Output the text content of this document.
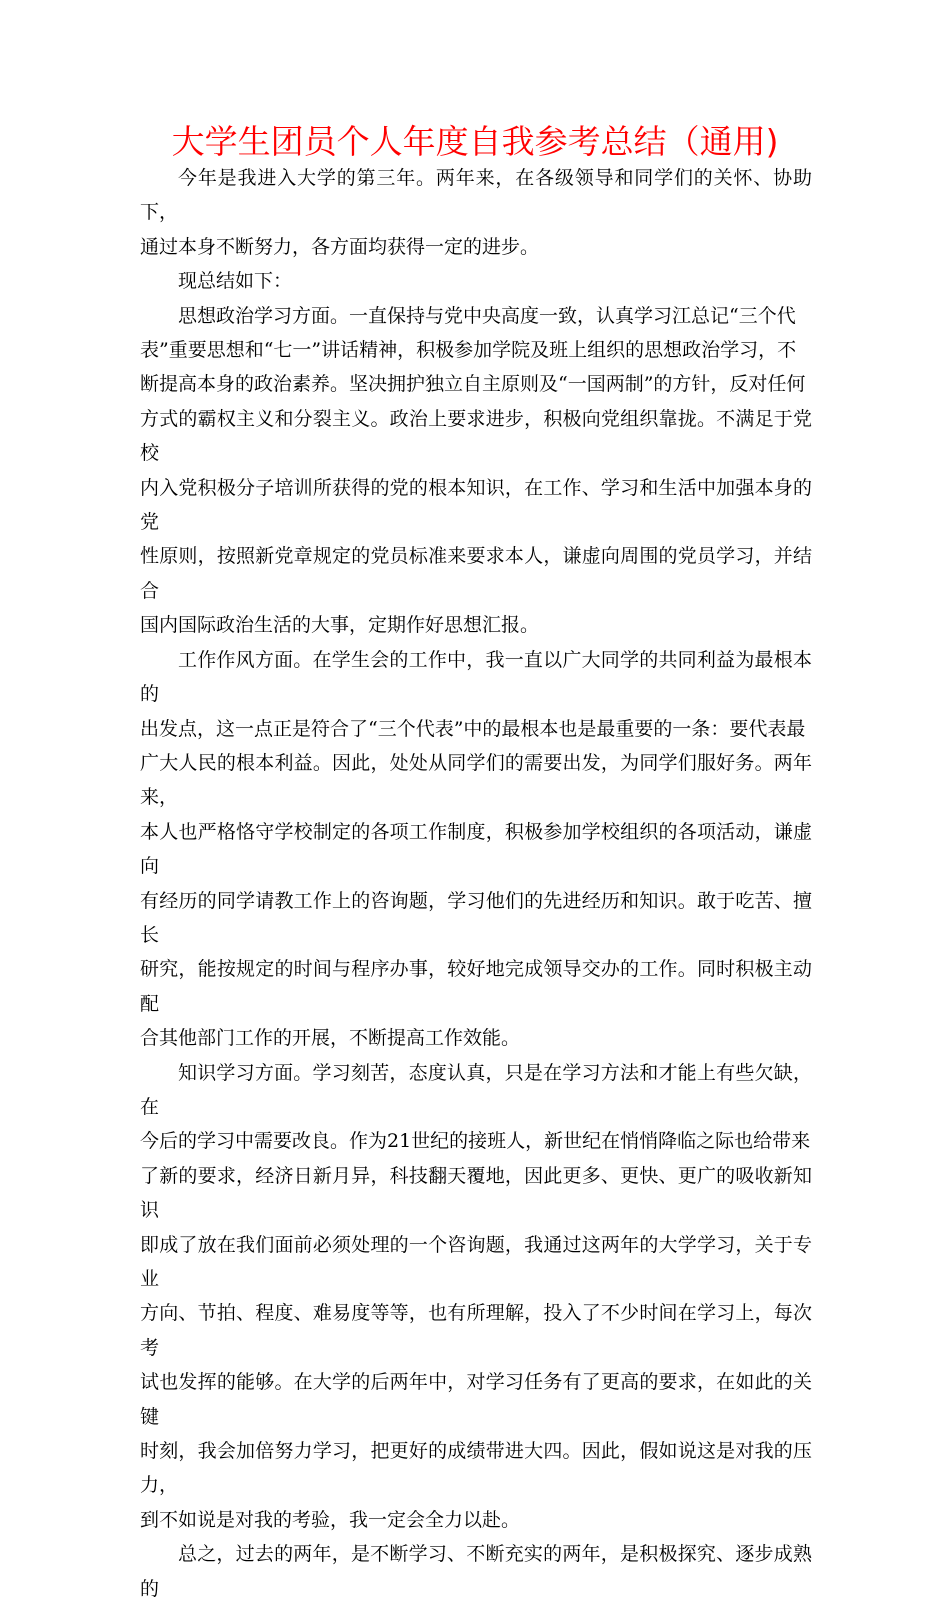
大学生团员个人年度自我参考总结（通用)

今年是我进入大学的第三年。两年来，在各级领导和同学们的关怀、协助下，
通过本身不断努力，各方面均获得一定的进步。

现总结如下：

思想政治学习方面。一直保持与党中央高度一致，认真学习江总记“三个代
表”重要思想和“七一”讲话精神，积极参加学院及班上组织的思想政治学习，不
断提高本身的政治素养。坚决拥护独立自主原则及“一国两制”的方针，反对任何
方式的霸权主义和分裂主义。政治上要求进步，积极向党组织靠拢。不满足于党校
内入党积极分子培训所获得的党的根本知识，在工作、学习和生活中加强本身的党
性原则，按照新党章规定的党员标准来要求本人，谦虚向周围的党员学习，并结合
国内国际政治生活的大事，定期作好思想汇报。

工作作风方面。在学生会的工作中，我一直以广大同学的共同利益为最根本的
出发点，这一点正是符合了“三个代表”中的最根本也是最重要的一条：要代表最
广大人民的根本利益。因此，处处从同学们的需要出发，为同学们服好务。两年来，
本人也严格恪守学校制定的各项工作制度，积极参加学校组织的各项活动，谦虚向
有经历的同学请教工作上的咨询题，学习他们的先进经历和知识。敢于吃苦、擅长
研究，能按规定的时间与程序办事，较好地完成领导交办的工作。同时积极主动配
合其他部门工作的开展，不断提高工作效能。

知识学习方面。学习刻苦，态度认真，只是在学习方法和才能上有些欠缺，在
今后的学习中需要改良。作为21世纪的接班人，新世纪在悄悄降临之际也给带来
了新的要求，经济日新月异，科技翻天覆地，因此更多、更快、更广的吸收新知识
即成了放在我们面前必须处理的一个咨询题，我通过这两年的大学学习，关于专业
方向、节拍、程度、难易度等等，也有所理解，投入了不少时间在学习上，每次考
试也发挥的能够。在大学的后两年中，对学习任务有了更高的要求，在如此的关键
时刻，我会加倍努力学习，把更好的成绩带进大四。因此，假如说这是对我的压力，
到不如说是对我的考验，我一定会全力以赴。

总之，过去的两年，是不断学习、不断充实的两年，是积极探究、逐步成熟的
